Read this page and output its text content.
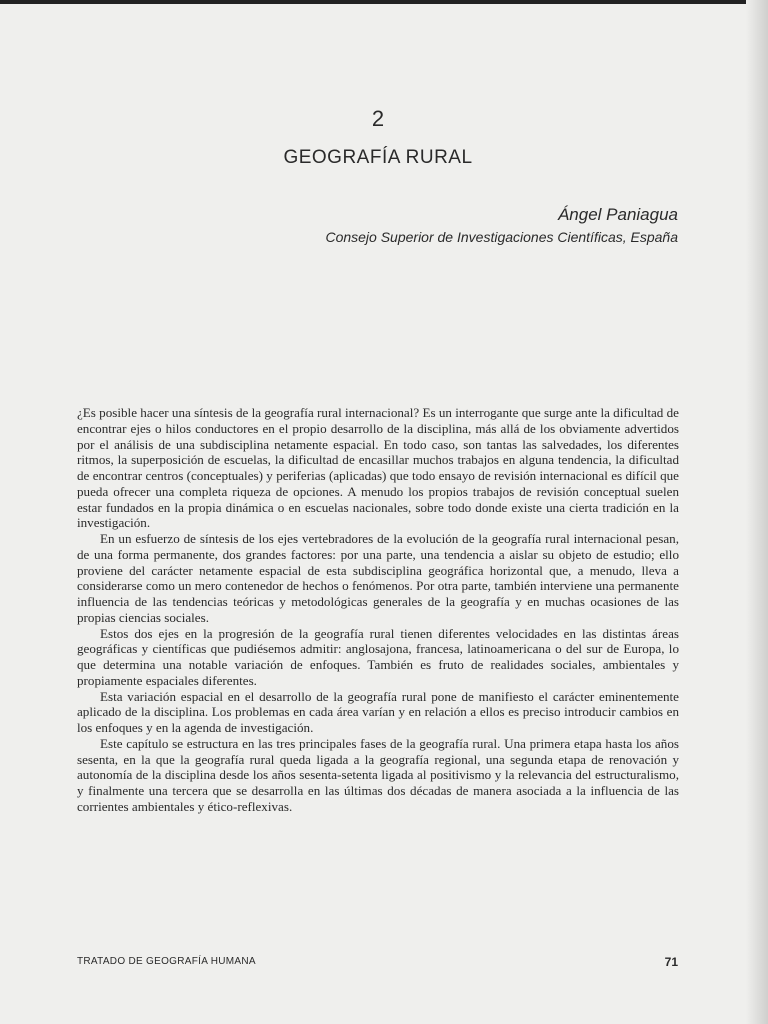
2
GEOGRAFÍA RURAL
Ángel Paniagua
Consejo Superior de Investigaciones Científicas, España

¿Es posible hacer una síntesis de la geografía rural internacional? Es un interrogante que surge ante la dificultad de encontrar ejes o hilos conductores en el propio desarrollo de la disciplina, más allá de los obviamente advertidos por el análisis de una subdisciplina netamente espacial. En todo caso, son tantas las salvedades, los diferentes ritmos, la superposición de escuelas, la dificultad de encasillar muchos trabajos en alguna tendencia, la dificultad de encontrar centros (conceptuales) y periferias (aplicadas) que todo ensayo de revisión internacional es difícil que pueda ofrecer una completa riqueza de opciones. A menudo los propios trabajos de revisión conceptual suelen estar fundados en la propia dinámica o en escuelas nacionales, sobre todo donde existe una cierta tradición en la investigación.

En un esfuerzo de síntesis de los ejes vertebradores de la evolución de la geografía rural internacional pesan, de una forma permanente, dos grandes factores: por una parte, una tendencia a aislar su objeto de estudio; ello proviene del carácter netamente espacial de esta subdisciplina geográfica horizontal que, a menudo, lleva a considerarse como un mero contenedor de hechos o fenómenos. Por otra parte, también interviene una permanente influencia de las tendencias teóricas y metodológicas generales de la geografía y en muchas ocasiones de las propias ciencias sociales.

Estos dos ejes en la progresión de la geografía rural tienen diferentes velocidades en las distintas áreas geográficas y científicas que pudiésemos admitir: anglosajona, francesa, latinoamericana o del sur de Europa, lo que determina una notable variación de enfoques. También es fruto de realidades sociales, ambientales y propiamente espaciales diferentes.

Esta variación espacial en el desarrollo de la geografía rural pone de manifiesto el carácter eminentemente aplicado de la disciplina. Los problemas en cada área varían y en relación a ellos es preciso introducir cambios en los enfoques y en la agenda de investigación.

Este capítulo se estructura en las tres principales fases de la geografía rural. Una primera etapa hasta los años sesenta, en la que la geografía rural queda ligada a la geografía regional, una segunda etapa de renovación y autonomía de la disciplina desde los años sesenta-setenta ligada al positivismo y la relevancia del estructuralismo, y finalmente una tercera que se desarrolla en las últimas dos décadas de manera asociada a la influencia de las corrientes ambientales y ético-reflexivas.

TRATADO DE GEOGRAFÍA HUMANA	71
